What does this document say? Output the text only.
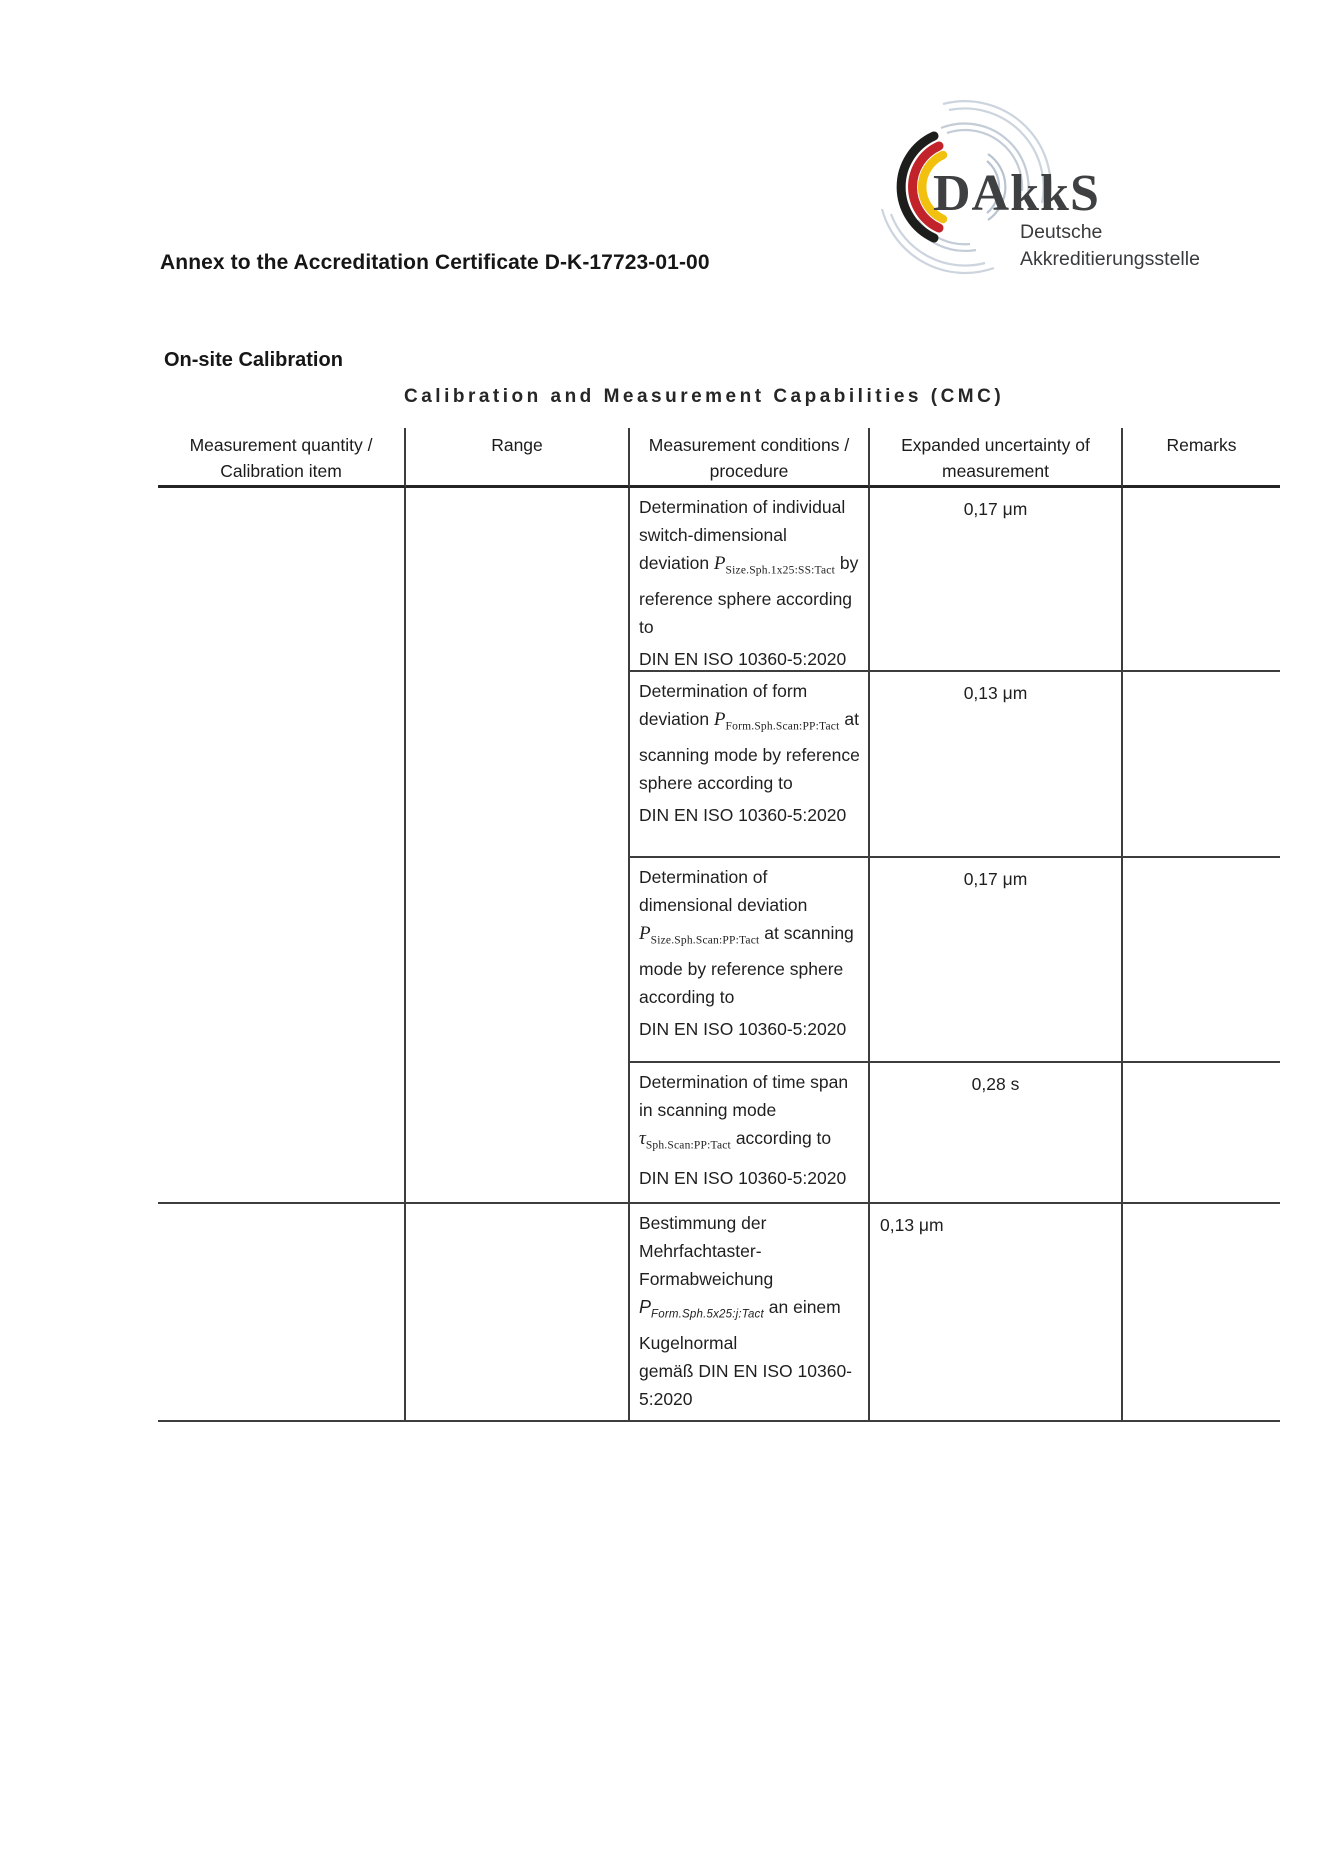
DAkkS
Deutsche
Akkreditierungsstelle
Annex to the Accreditation Certificate D-K-17723-01-00
On-site Calibration
Calibration and Measurement Capabilities (CMC)
Measurement quantity / Calibration item
Range	Measurement conditions / procedure
Expanded uncertainty of measurement
Remarks
Determination of individual switch-dimensional deviation $P_{Size.Sph.1x25:SS:Tact}$ by reference sphere according to
DIN EN ISO 10360-5:2020
0,17 μm
Determination of form deviation $P_{Form.Sph.Scan:PP:Tact}$ at scanning mode by reference sphere according to
DIN EN ISO 10360-5:2020
0,13 μm
Determination of dimensional deviation $P_{Size.Sph.Scan:PP:Tact}$ at scanning mode by reference sphere according to
DIN EN ISO 10360-5:2020
0,17 μm
Determination of time span in scanning mode $\tau_{Sph.Scan:PP:Tact}$ according to
DIN EN ISO 10360-5:2020
0,28 s
Bestimmung der Mehrfachtaster-Formabweichung $P_{Form.Sph.5x25:j:Tact}$ an einem Kugelnormal
gemäß DIN EN ISO 10360-5:2020
0,13 μm
